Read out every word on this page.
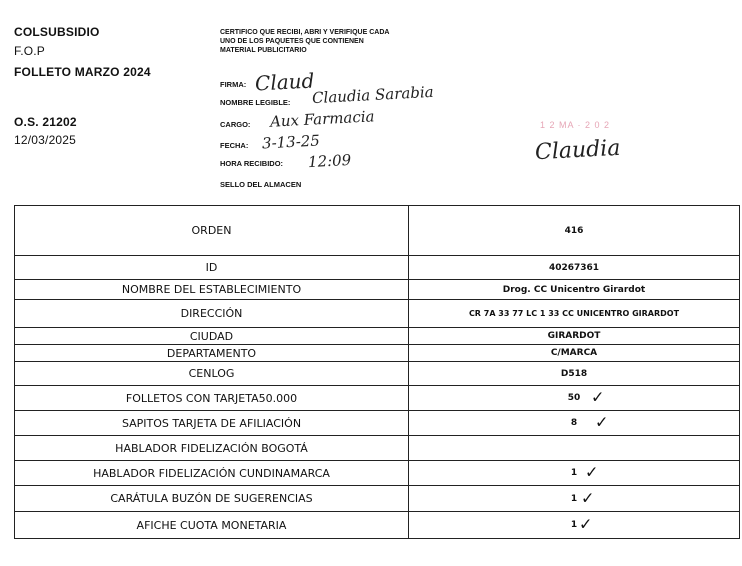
COLSUBSIDIO
F.O.P
FOLLETO MARZO 2024
O.S. 21202
12/03/2025
CERTIFICO QUE RECIBI, ABRI Y VERIFIQUE CADA UNO DE LOS PAQUETES QUE CONTIENEN MATERIAL PUBLICITARIO
FIRMA: Claud
NOMBRE LEGIBLE: Claudia Sarabia
CARGO: Aux Farmacia
FECHA: 3-13-25
HORA RECIBIDO: 12:09
SELLO DEL ALMACEN
1 2 MA · 2 0 2
Claudia
ORDEN	416
ID	40267361
NOMBRE DEL ESTABLECIMIENTO	Drog. CC Unicentro Girardot
DIRECCIÓN	CR 7A 33 77 LC 1 33 CC UNICENTRO GIRARDOT
CIUDAD	GIRARDOT
DEPARTAMENTO	C/MARCA
CENLOG	D518
FOLLETOS CON TARJETA50.000	50 ✓

SAPITOS TARJETA DE AFILIACIÓN	8 ✓

HABLADOR FIDELIZACIÓN BOGOTÁ	
HABLADOR FIDELIZACIÓN CUNDINAMARCA	1 ✓

CARÁTULA BUZÓN DE SUGERENCIAS	1 ✓

AFICHE CUOTA MONETARIA	1 ✓
